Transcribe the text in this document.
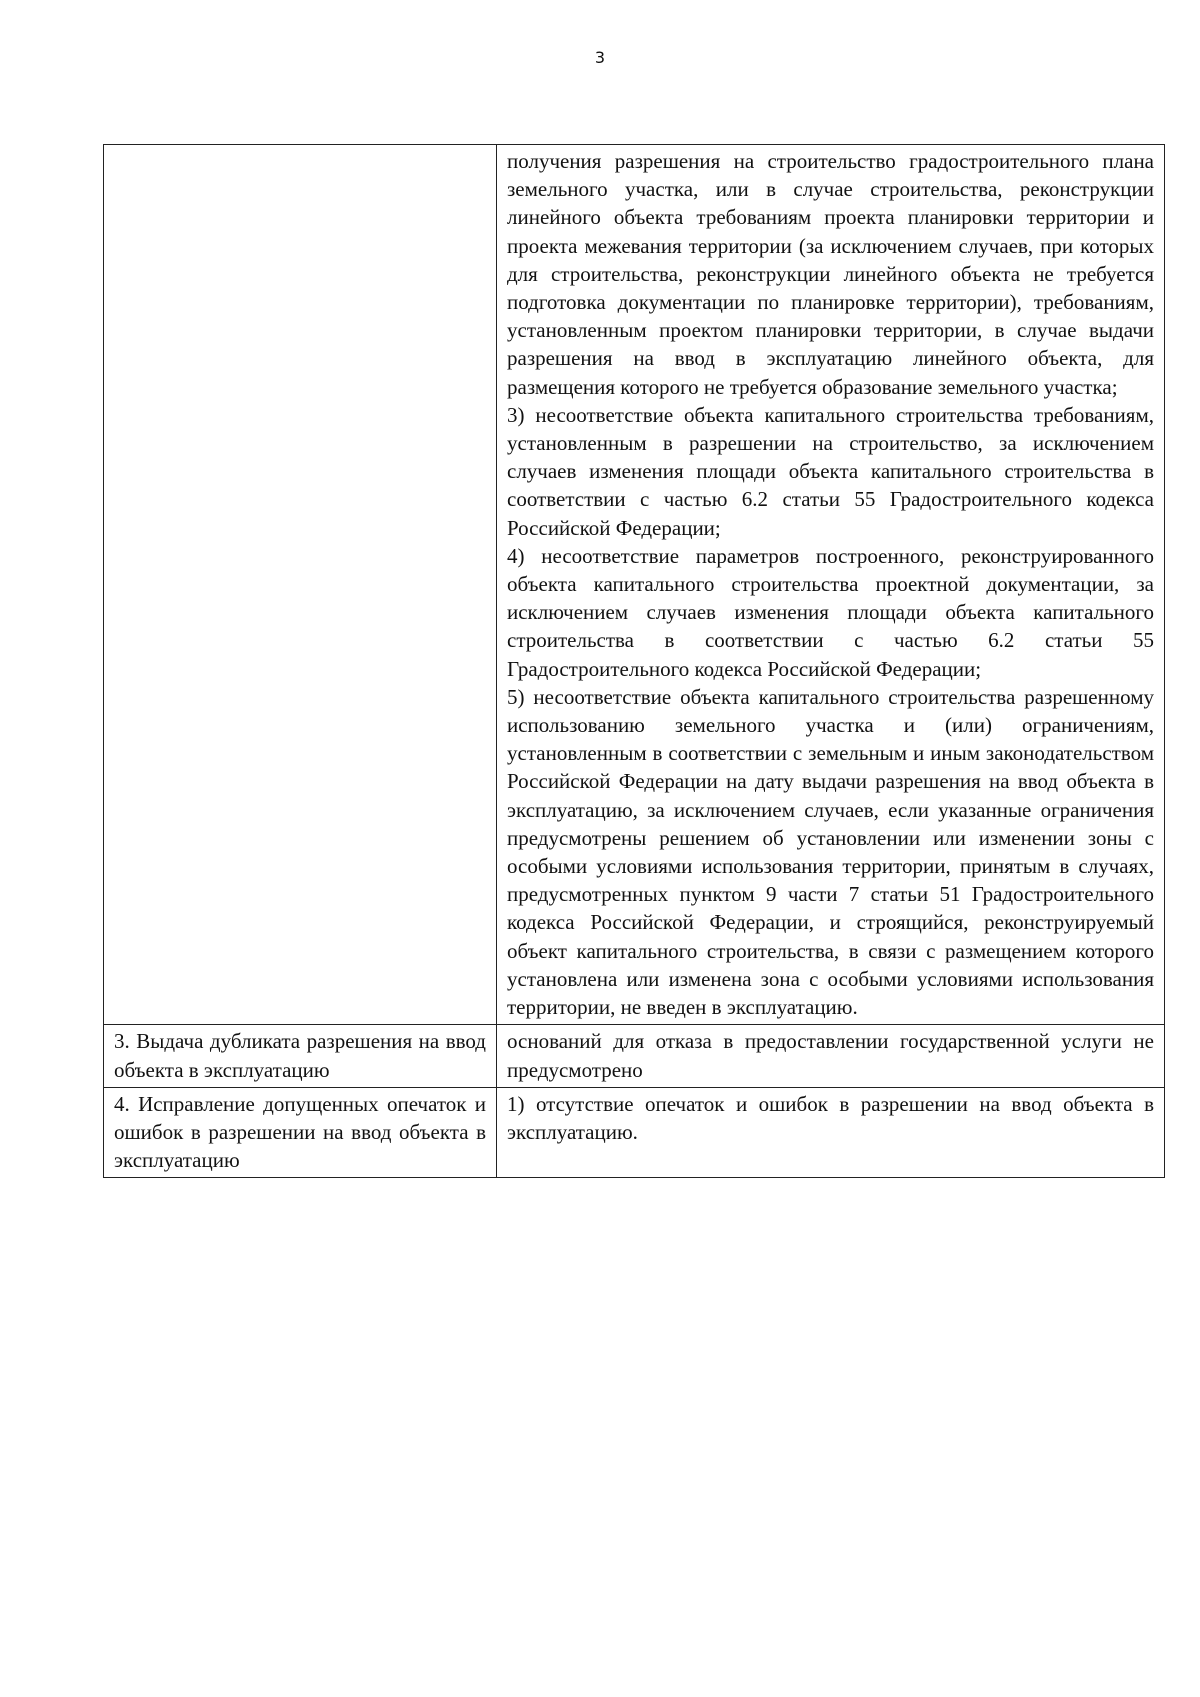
3

	получения разрешения на строительство градостроительного плана земельного участка, или в случае строительства, реконструкции линейного объекта требованиям проекта планировки территории и проекта межевания территории (за исключением случаев, при которых для строительства, реконструкции линейного объекта не требуется подготовка документации по планировке территории), требованиям, установленным проектом планировки территории, в случае выдачи разрешения на ввод в эксплуатацию линейного объекта, для размещения которого не требуется образование земельного участка;

3) несоответствие объекта капитального строительства требованиям, установленным в разрешении на строительство, за исключением случаев изменения площади объекта капитального строительства в соответствии с частью 6.2 статьи 55 Градостроительного кодекса Российской Федерации;

4) несоответствие параметров построенного, реконструированного объекта капитального строительства проектной документации, за исключением случаев изменения площади объекта капитального строительства в соответствии с частью 6.2 статьи 55 Градостроительного кодекса Российской Федерации;

5) несоответствие объекта капитального строительства разрешенному использованию земельного участка и (или) ограничениям, установленным в соответствии с земельным и иным законодательством Российской Федерации на дату выдачи разрешения на ввод объекта в эксплуатацию, за исключением случаев, если указанные ограничения предусмотрены решением об установлении или изменении зоны с особыми условиями использования территории, принятым в случаях, предусмотренных пунктом 9 части 7 статьи 51 Градостроительного кодекса Российской Федерации, и строящийся, реконструируемый объект капитального строительства, в связи с размещением которого установлена или изменена зона с особыми условиями использования территории, не введен в эксплуатацию.

3. Выдача дубликата разрешения на ввод объекта в эксплуатацию	оснований для отказа в предоставлении государственной услуги не предусмотрено

4. Исправление допущенных опечаток и ошибок в разрешении на ввод объекта в эксплуатацию	1) отсутствие опечаток и ошибок в разрешении на ввод объекта в эксплуатацию.
